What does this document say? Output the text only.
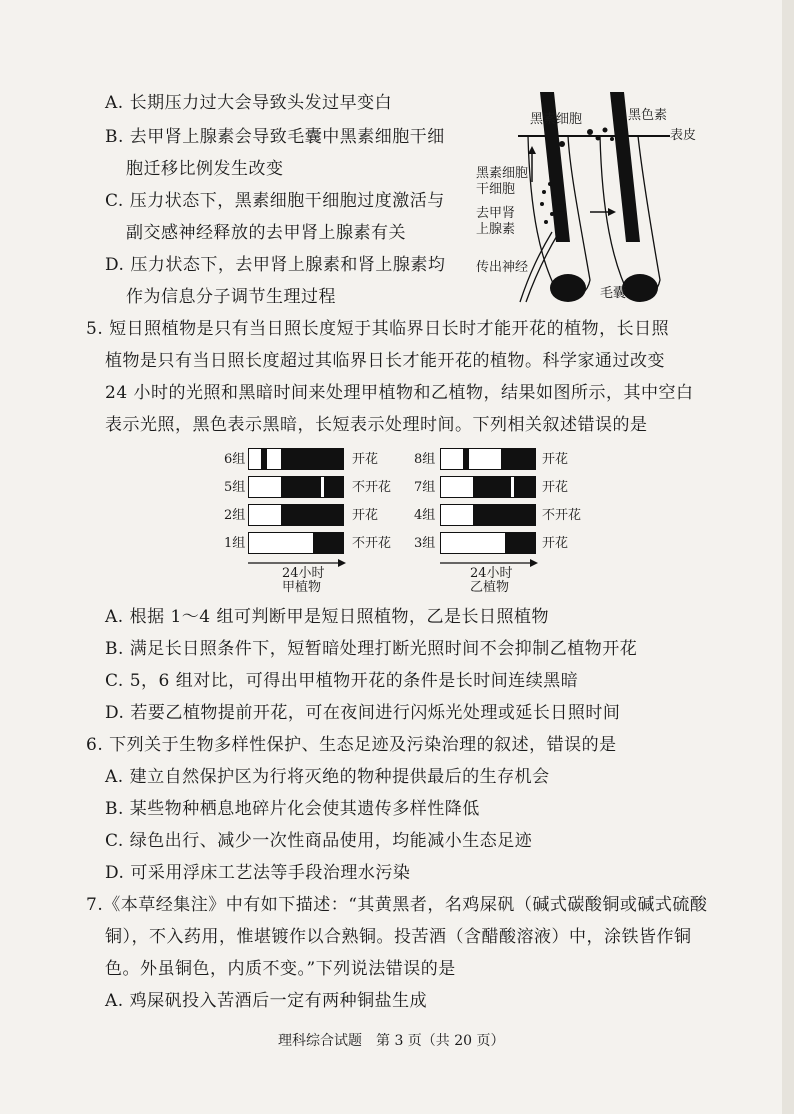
A. 长期压力过大会导致头发过早变白
B. 去甲肾上腺素会导致毛囊中黑素细胞干细
胞迁移比例发生改变
C. 压力状态下，黑素细胞干细胞过度激活与
副交感神经释放的去甲肾上腺素有关
D. 压力状态下，去甲肾上腺素和肾上腺素均
作为信息分子调节生理过程
黑素细胞	黑色素
表皮
黑素细胞
干细胞
去甲肾
上腺素
传出神经
毛囊
5. 短日照植物是只有当日照长度短于其临界日长时才能开花的植物，长日照
植物是只有当日照长度超过其临界日长才能开花的植物。科学家通过改变
24 小时的光照和黑暗时间来处理甲植物和乙植物，结果如图所示，其中空白
表示光照，黑色表示黑暗，长短表示处理时间。下列相关叙述错误的是
6组	开花
5组	不开花
2组	开花
1组	不开花
24小时
甲植物
8组	开花
7组	开花
4组	不开花
3组	开花
24小时
乙植物
A. 根据 1～4 组可判断甲是短日照植物，乙是长日照植物
B. 满足长日照条件下，短暂暗处理打断光照时间不会抑制乙植物开花
C. 5，6 组对比，可得出甲植物开花的条件是长时间连续黑暗
D. 若要乙植物提前开花，可在夜间进行闪烁光处理或延长日照时间
6. 下列关于生物多样性保护、生态足迹及污染治理的叙述，错误的是
A. 建立自然保护区为行将灭绝的物种提供最后的生存机会
B. 某些物种栖息地碎片化会使其遗传多样性降低
C. 绿色出行、减少一次性商品使用，均能减小生态足迹
D. 可采用浮床工艺法等手段治理水污染
7.《本草经集注》中有如下描述：“其黄黑者，名鸡屎矾（碱式碳酸铜或碱式硫酸
铜），不入药用，惟堪镀作以合熟铜。投苦酒（含醋酸溶液）中，涂铁皆作铜
色。外虽铜色，内质不变。”下列说法错误的是
A. 鸡屎矾投入苦酒后一定有两种铜盐生成
理科综合试题　第 3 页（共 20 页）
